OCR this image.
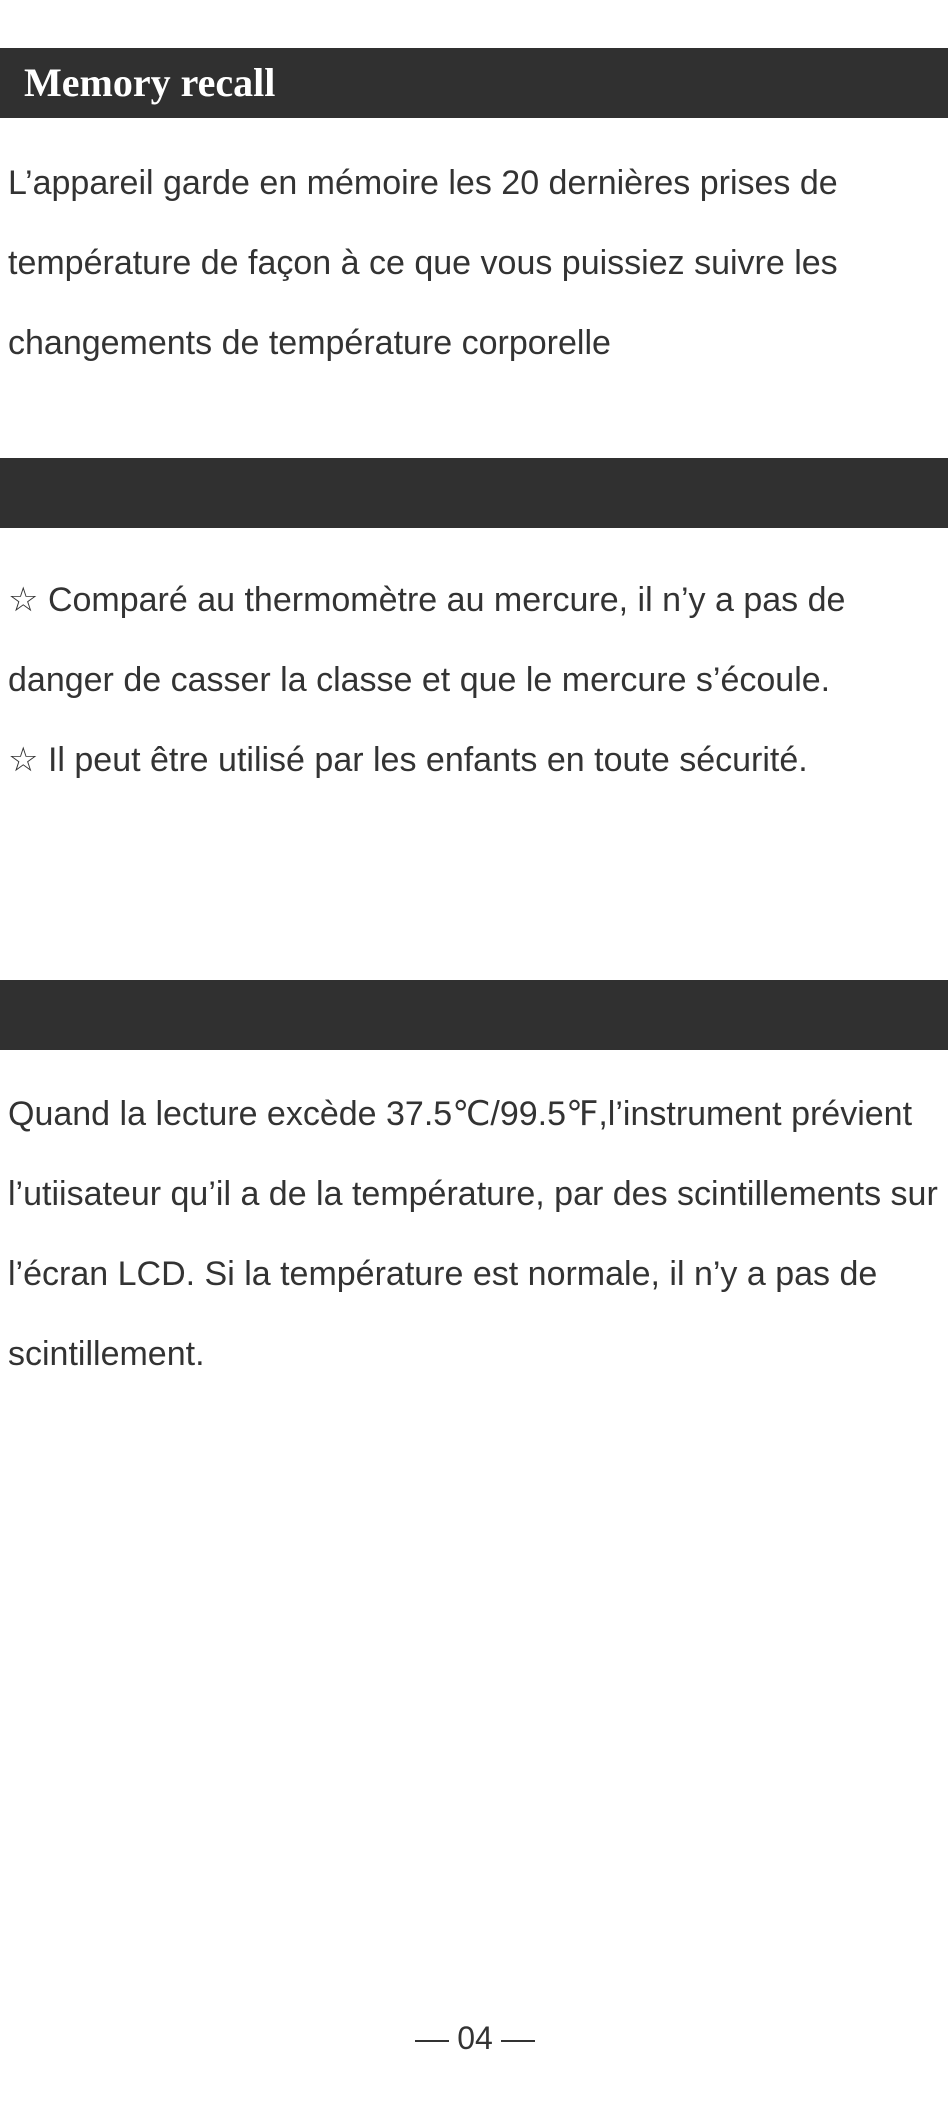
Memory recall

L’appareil garde en mémoire les 20 dernières prises de température de façon à ce que vous puissiez suivre les changements de température corporelle

☆ Comparé au thermomètre au mercure, il n’y a pas de danger de casser la classe et que le mercure s’écoule.
☆ Il peut être utilisé par les enfants en toute sécurité.

Quand la lecture excède 37.5℃/99.5℉,l’instrument prévient l’utiisateur qu’il a de la température, par des scintillements sur l’écran LCD. Si la température est normale, il n’y a pas de scintillement.

04
